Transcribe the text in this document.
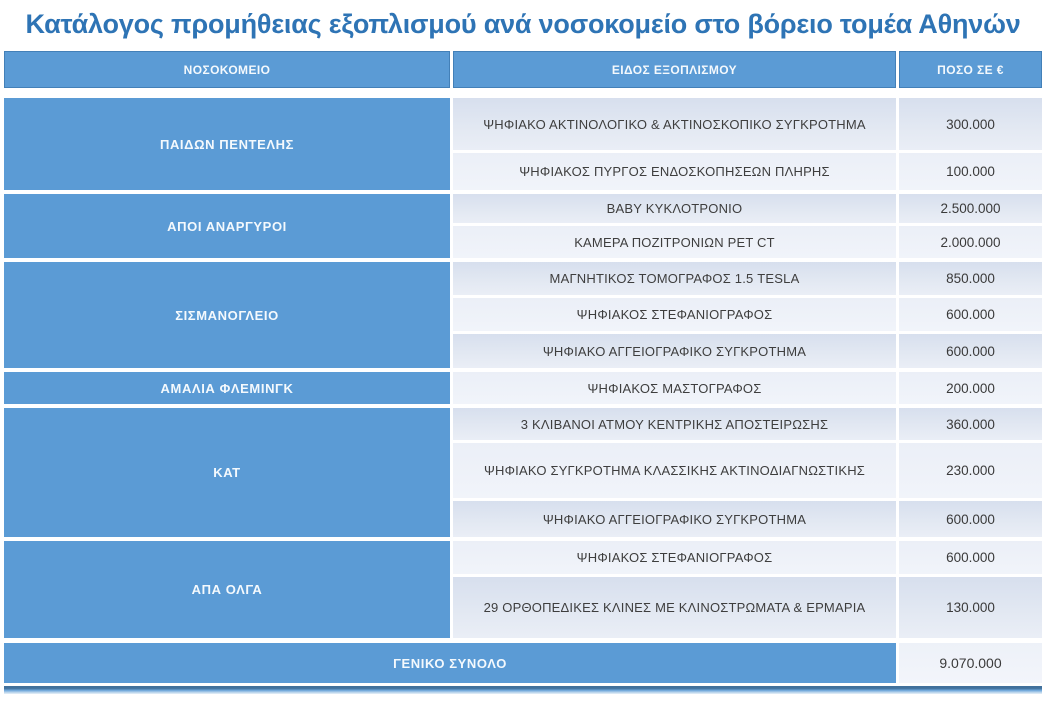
Κατάλογος προμήθειας εξοπλισμού ανά νοσοκομείο στο βόρειο τομέα Αθηνών
ΝΟΣΟΚΟΜΕΙΟ	ΕΙΔΟΣ ΕΞΟΠΛΙΣΜΟΥ	ΠΟΣΟ ΣΕ €
ΠΑΙΔΩΝ ΠΕΝΤΕΛΗΣ
ΨΗΦΙΑΚΟ ΑΚΤΙΝΟΛΟΓΙΚΟ & ΑΚΤΙΝΟΣΚΟΠΙΚΟ ΣΥΓΚΡΟΤΗΜΑ	300.000
ΨΗΦΙΑΚΟΣ ΠΥΡΓΟΣ ΕΝΔΟΣΚΟΠΗΣΕΩΝ ΠΛΗΡΗΣ	100.000
ΑΠΟΙ ΑΝΑΡΓΥΡΟΙ
BABY ΚΥΚΛΟΤΡΟΝΙΟ	2.500.000
ΚΑΜΕΡΑ ΠΟΖΙΤΡΟΝΙΩΝ PET CT	2.000.000
ΣΙΣΜΑΝΟΓΛΕΙΟ
ΜΑΓΝΗΤΙΚΟΣ ΤΟΜΟΓΡΑΦΟΣ 1.5 TESLA	850.000
ΨΗΦΙΑΚΟΣ ΣΤΕΦΑΝΙΟΓΡΑΦΟΣ	600.000
ΨΗΦΙΑΚΟ ΑΓΓΕΙΟΓΡΑΦΙΚΟ ΣΥΓΚΡΟΤΗΜΑ	600.000
ΑΜΑΛΙΑ ΦΛΕΜΙΝΓΚ	ΨΗΦΙΑΚΟΣ ΜΑΣΤΟΓΡΑΦΟΣ	200.000
ΚΑΤ
3 ΚΛΙΒΑΝΟΙ ΑΤΜΟΥ ΚΕΝΤΡΙΚΗΣ ΑΠΟΣΤΕΙΡΩΣΗΣ	360.000
ΨΗΦΙΑΚΟ ΣΥΓΚΡΟΤΗΜΑ ΚΛΑΣΣΙΚΗΣ ΑΚΤΙΝΟΔΙΑΓΝΩΣΤΙΚΗΣ	230.000
ΨΗΦΙΑΚΟ ΑΓΓΕΙΟΓΡΑΦΙΚΟ ΣΥΓΚΡΟΤΗΜΑ	600.000
ΑΠΑ ΟΛΓΑ
ΨΗΦΙΑΚΟΣ ΣΤΕΦΑΝΙΟΓΡΑΦΟΣ	600.000
29 ΟΡΘΟΠΕΔΙΚΕΣ ΚΛΙΝΕΣ ΜΕ ΚΛΙΝΟΣΤΡΩΜΑΤΑ & ΕΡΜΑΡΙΑ	130.000
ΓΕΝΙΚΟ ΣΥΝΟΛΟ	9.070.000
